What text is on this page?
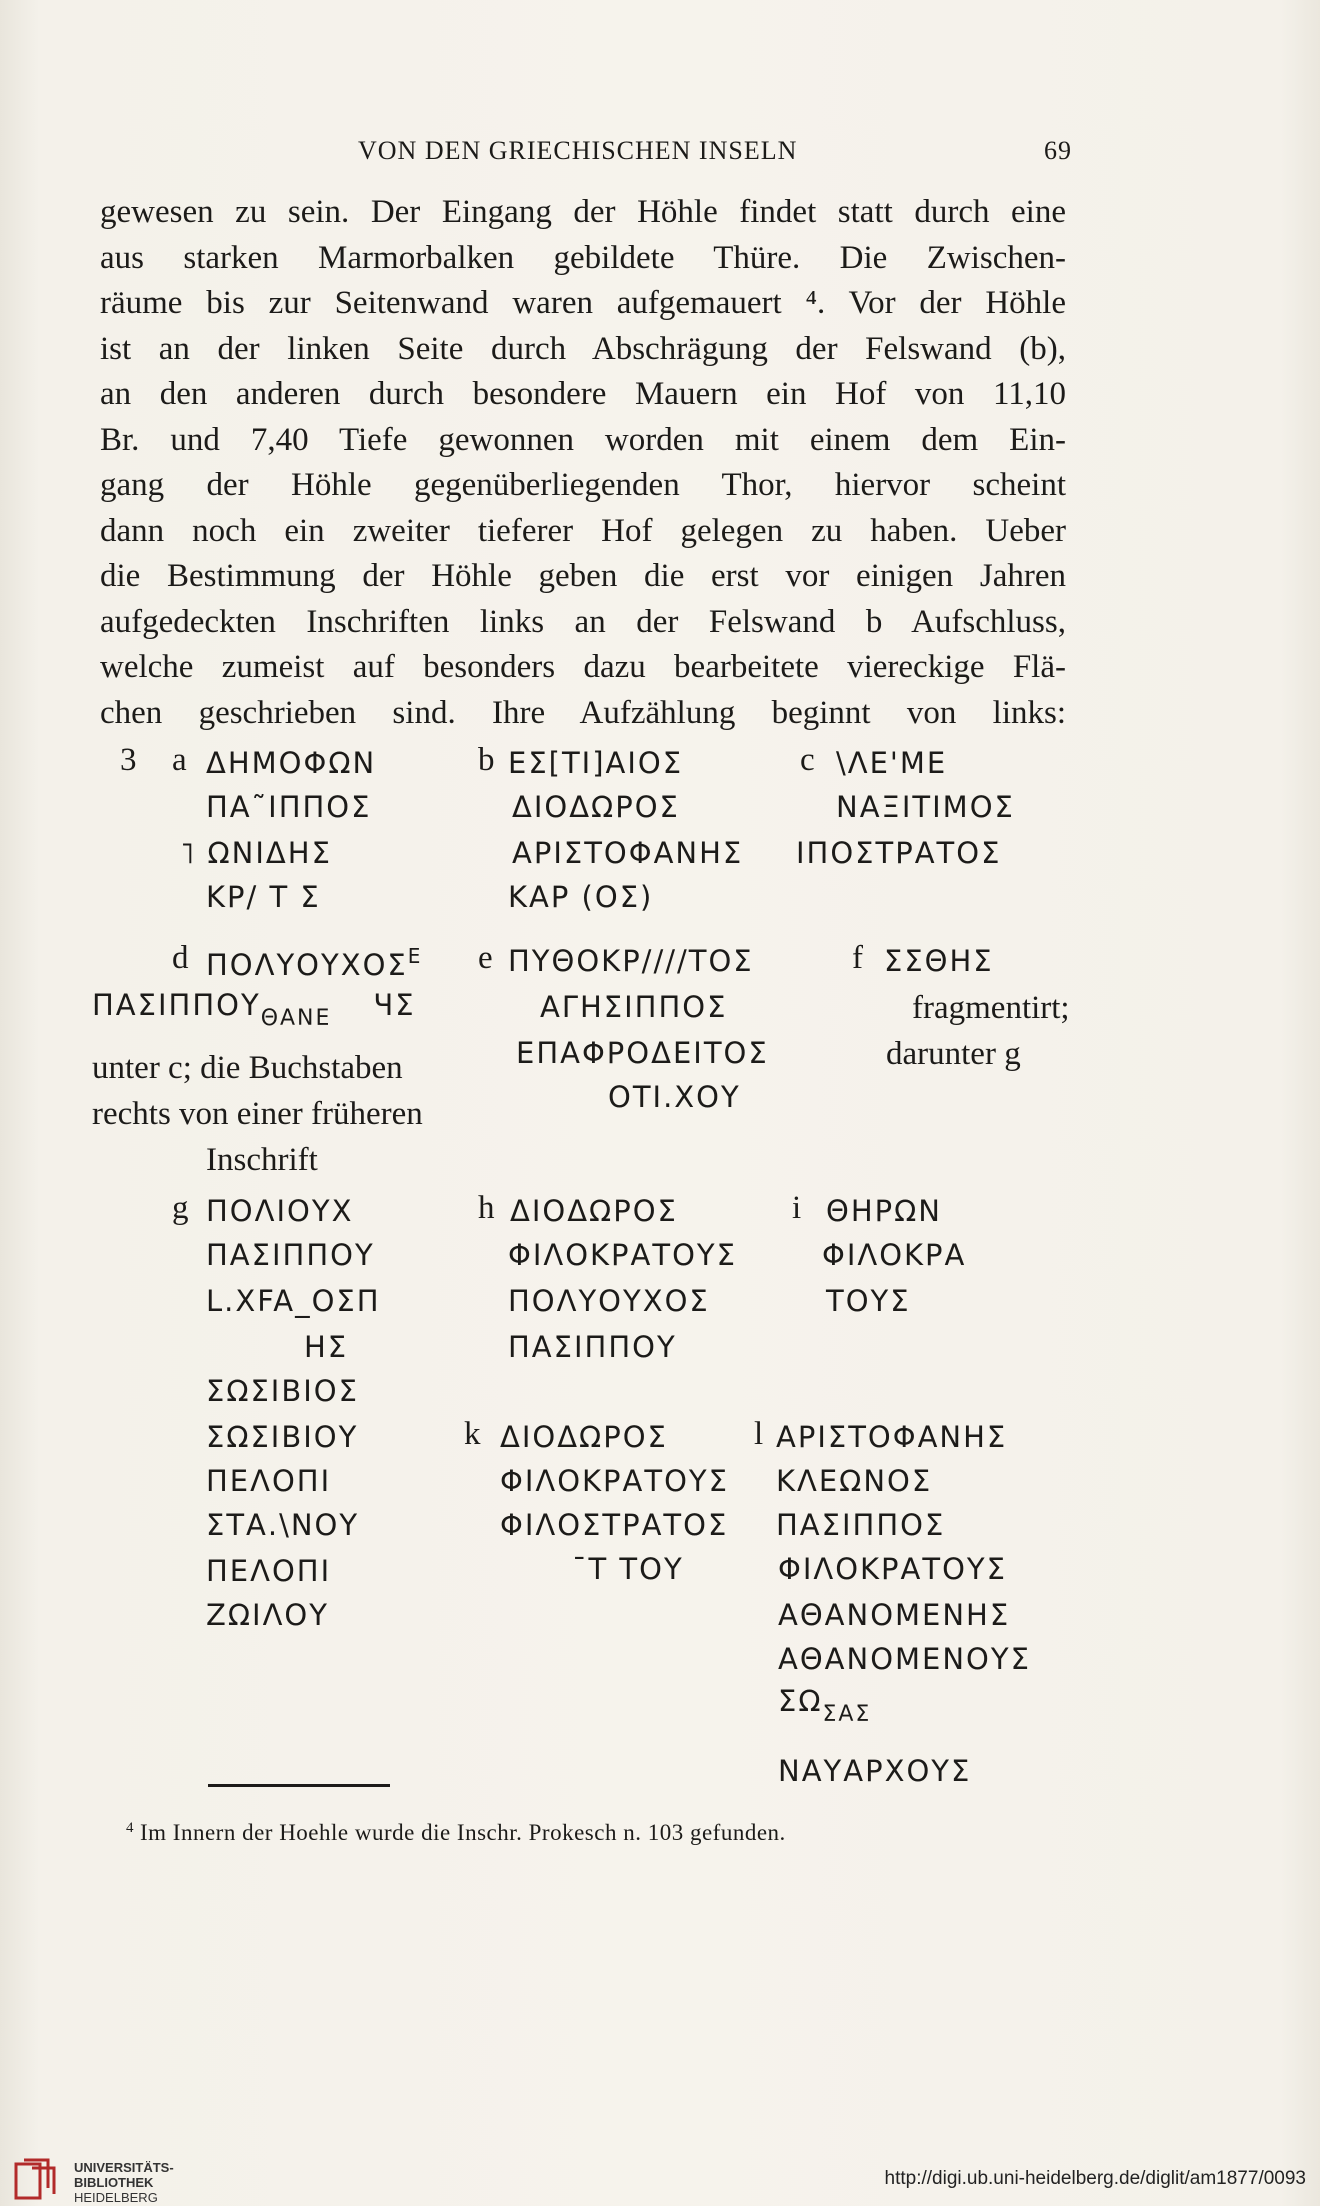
VON DEN GRIECHISCHEN INSELN	69
gewesen zu sein. Der Eingang der Höhle findet statt durch eine
aus starken Marmorbalken gebildete Thüre. Die Zwischen-
räume bis zur Seitenwand waren aufgemauert ⁴. Vor der Höhle
ist an der linken Seite durch Abschrägung der Felswand (b),
an den anderen durch besondere Mauern ein Hof von 11,10
Br. und 7,40 Tiefe gewonnen worden mit einem dem Ein-
gang der Höhle gegenüberliegenden Thor, hiervor scheint
dann noch ein zweiter tieferer Hof gelegen zu haben. Ueber
die Bestimmung der Höhle geben die erst vor einigen Jahren
aufgedeckten Inschriften links an der Felswand b Aufschluss,
welche zumeist auf besonders dazu bearbeitete viereckige Flä-
chen geschrieben sind. Ihre Aufzählung beginnt von links:
3 a ΔΗΜΟΦΩΝ
ΠΑ˜ΙΠΠΟΣ
˥ ΩΝΙΔΗΣ
ΚΡ/ Τ Σ
b ΕΣ[ΤΙ]ΑΙΟΣ
ΔΙΟΔΩΡΟΣ
ΑΡΙΣΤΟΦΑΝΗΣ
ΚΑΡ (ΟΣ)
c \ΛΕ'ΜΕ
ΝΑΞΙΤΙΜΟΣ
ΙΠΟΣΤΡΑΤΟΣ
d $\Pi O\Lambda\Upsilon O\Upsilon XO\Sigma^E$
$\Pi A\Sigma I\Pi\Pi O\Upsilon_{\Theta ANE}$ ЧΣ
unter c; die Buchstaben
rechts von einer früheren
Inschrift
e ΠΥΘΟΚΡ////ΤΟΣ
ΑΓΗΣΙΠΠΟΣ
ΕΠΑΦΡΟΔΕΙΤΟΣ
ΟΤΙ.ΧΟΥ
f ΣΣΘΗΣ
fragmentirt;
darunter g
g ΠΟΛΙΟΥΧ
ΠΑΣΙΠΠΟΥ
L.XFA_ΟΣΠ
ΗΣ
ΣΩΣΙΒΙΟΣ
ΣΩΣΙΒΙΟΥ
ΠΕΛΟΠΙ
ΣΤΑ.\ΝΟΥ
ΠΕΛΟΠΙ
ΖΩΙΛΟΥ
h ΔΙΟΔΩΡΟΣ
ΦΙΛΟΚΡΑΤΟΥΣ
ΠΟΛΥΟΥΧΟΣ
ΠΑΣΙΠΠΟΥ
i ΘΗΡΩΝ
ΦΙΛΟΚΡΑ
ΤΟΥΣ
k ΔΙΟΔΩΡΟΣ
ΦΙΛΟΚΡΑΤΟΥΣ
ΦΙΛΟΣΤΡΑΤΟΣ
¯Τ ΤΟΥ
l ΑΡΙΣΤΟΦΑΝΗΣ
ΚΛΕΩΝΟΣ
ΠΑΣΙΠΠΟΣ
ΦΙΛΟΚΡΑΤΟΥΣ
ΑΘΑΝΟΜΕΝΗΣ
ΑΘΑΝΟΜΕΝΟΥΣ
$\Sigma\Omega_{\Sigma A\Sigma}$
ΝΑΥΑΡΧΟΥΣ
$^4$ Im Innern der Hoehle wurde die Inschr. Prokesch n. 103 gefunden.
UNIVERSITÄTS-
BIBLIOTHEK
HEIDELBERG
http://digi.ub.uni-heidelberg.de/diglit/am1877/0093
